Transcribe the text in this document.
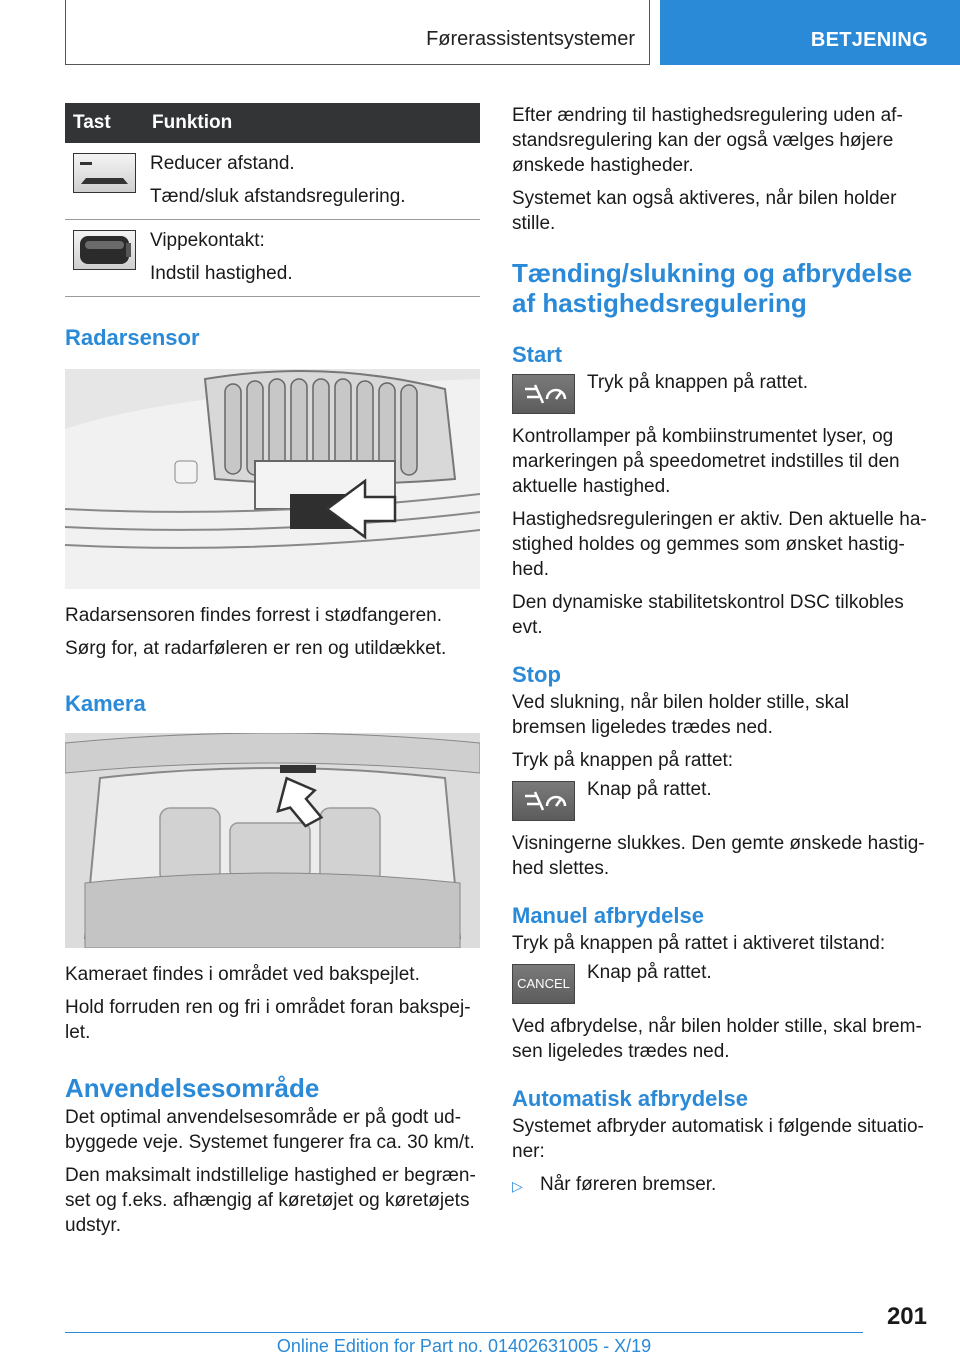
Førerassistentsystemer	BETJENING
Tast	Funktion

Reducer afstand.
Tænd/sluk afstandsregulering.

Vippekontakt:
Indstil hastighed.
Radarsensor

Radarsensoren findes forrest i stødfangeren.

Sørg for, at radarføleren er ren og utildækket.

Kamera

Kameraet findes i området ved bakspejlet.

Hold forruden ren og fri i området foran bakspejlet.

Anvendelsesområde

Det optimal anvendelsesområde er på godt udbyggede veje. Systemet fungerer fra ca. 30 km/t.

Den maksimalt indstillelige hastighed er begrænset og f.eks. afhængig af køretøjet og køretøjets udstyr.

Efter ændring til hastighedsregulering uden afstandsregulering kan der også vælges højere ønskede hastigheder.

Systemet kan også aktiveres, når bilen holder stille.

Tænding/slukning og afbrydelse af hastighedsregulering
Start
Tryk på knappen på rattet.

Kontrollamper på kombiinstrumentet lyser, og markeringen på speedometret indstilles til den aktuelle hastighed.

Hastighedsreguleringen er aktiv. Den aktuelle hastighed holdes og gemmes som ønsket hastighed.

Den dynamiske stabilitetskontrol DSC tilkobles evt.

Stop

Ved slukning, når bilen holder stille, skal bremsen ligeledes trædes ned.

Tryk på knappen på rattet:

Knap på rattet.

Visningerne slukkes. Den gemte ønskede hastighed slettes.

Manuel afbrydelse

Tryk på knappen på rattet i aktiveret tilstand:

CANCEL
Knap på rattet.

Ved afbrydelse, når bilen holder stille, skal bremsen ligeledes trædes ned.

Automatisk afbrydelse

Systemet afbryder automatisk i følgende situationer:

▷ Når føreren bremser.
201
Online Edition for Part no. 01402631005 - X/19
